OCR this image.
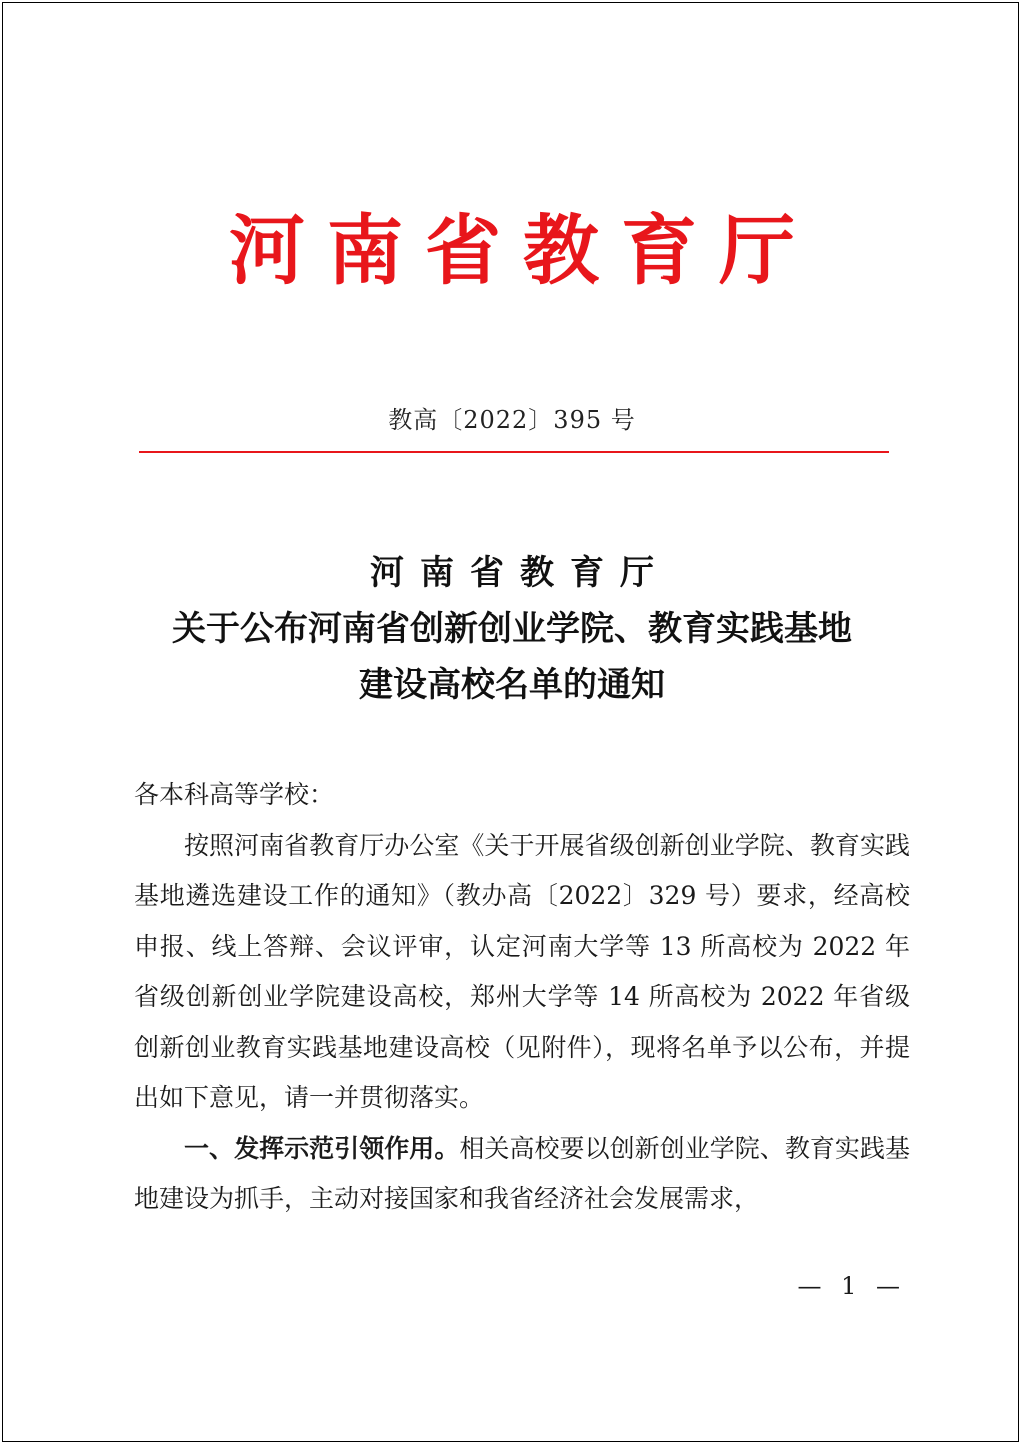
河南省教育厅
教高〔2022〕395 号
河南省教育厅
关于公布河南省创新创业学院、教育实践基地
建设高校名单的通知

各本科高等学校：

按照河南省教育厅办公室《关于开展省级创新创业学院、教育实践基地遴选建设工作的通知》（教办高〔2022〕329 号）要求，经高校申报、线上答辩、会议评审，认定河南大学等 13 所高校为 2022 年省级创新创业学院建设高校，郑州大学等 14 所高校为 2022 年省级创新创业教育实践基地建设高校（见附件），现将名单予以公布，并提出如下意见，请一并贯彻落实。

一、发挥示范引领作用。相关高校要以创新创业学院、教育实践基地建设为抓手，主动对接国家和我省经济社会发展需求，

— 1 —
